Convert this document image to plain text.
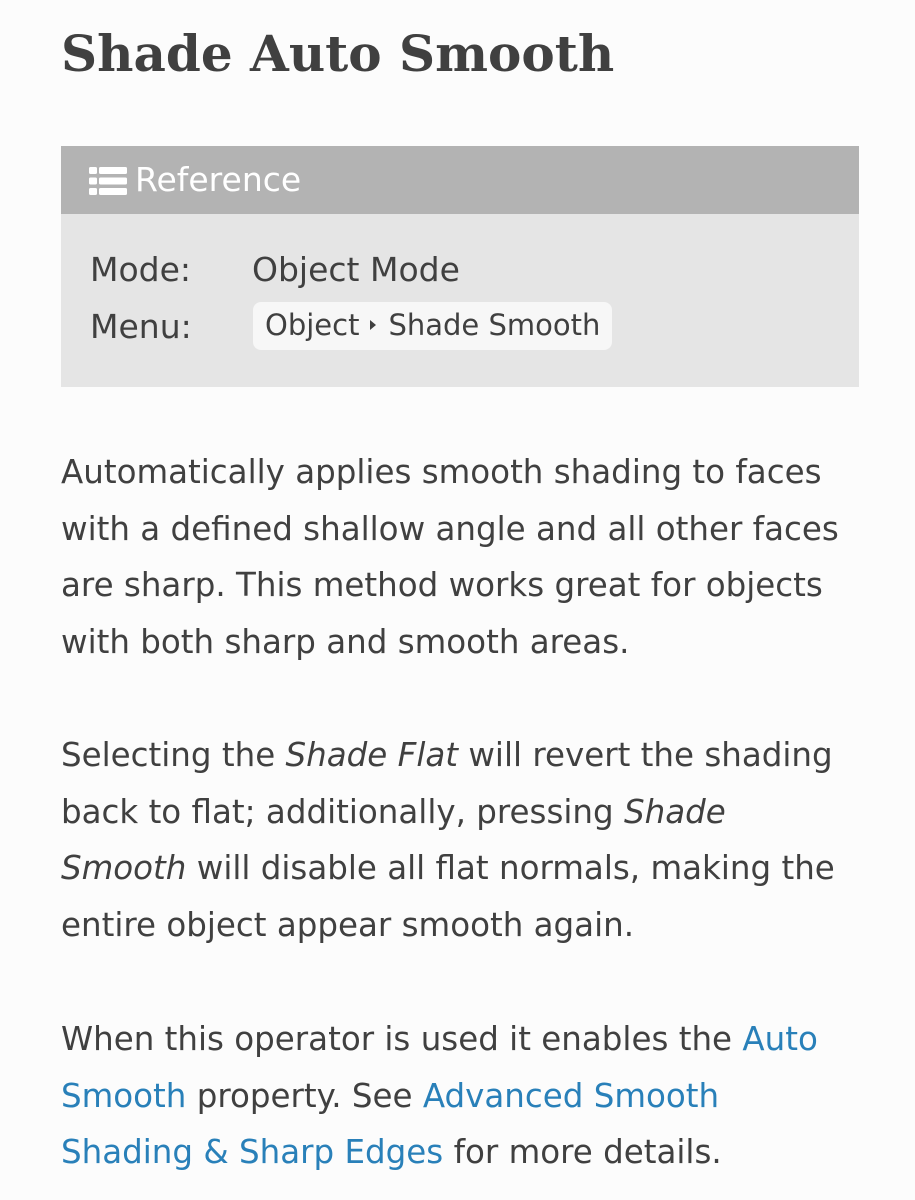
Shade Auto Smooth
Reference
Mode:	Object Mode
Menu:	Object Shade Smooth

Automatically applies smooth shading to faces with a defined shallow angle and all other faces are sharp. This method works great for objects with both sharp and smooth areas.

Selecting the Shade Flat will revert the shading back to flat; additionally, pressing Shade Smooth will disable all flat normals, making the entire object appear smooth again.

When this operator is used it enables the Auto Smooth property. See Advanced Smooth Shading & Sharp Edges for more details.
